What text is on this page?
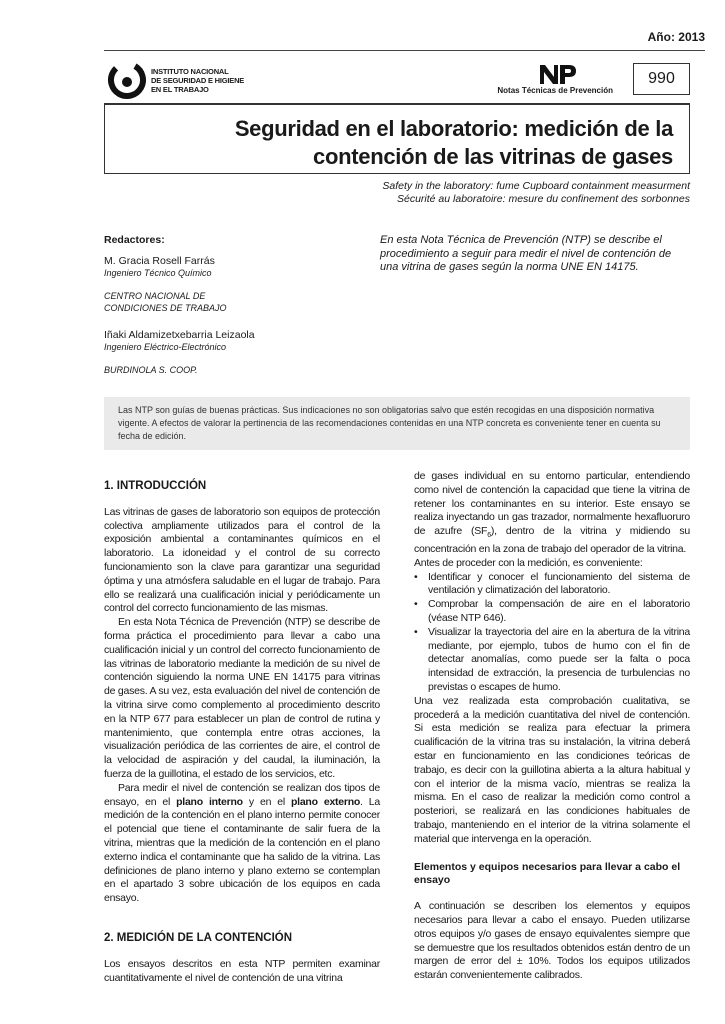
Año: 2013
INSTITUTO NACIONAL
DE SEGURIDAD E HIGIENE
EN EL TRABAJO	Notas Técnicas de Prevención
990
Seguridad en el laboratorio: medición de la
contención de las vitrinas de gases
Safety in the laboratory: fume Cupboard containment measurment
Sécurité au laboratoire: mesure du confinement des sorbonnes
Redactores:
M. Gracia Rosell Farrás
Ingeniero Técnico Químico
CENTRO NACIONAL DE
CONDICIONES DE TRABAJO
Iñaki Aldamizetxebarria Leizaola
Ingeniero Eléctrico-Electrónico
BURDINOLA S. COOP.
En esta Nota Técnica de Prevención (NTP) se describe el procedimiento a seguir para medir el nivel de contención de una vitrina de gases según la norma UNE EN 14175.
Las NTP son guías de buenas prácticas. Sus indicaciones no son obligatorias salvo que estén recogidas en una disposición normativa vigente. A efectos de valorar la pertinencia de las recomendaciones contenidas en una NTP concreta es conveniente tener en cuenta su fecha de edición.
1. INTRODUCCIÓN

Las vitrinas de gases de laboratorio son equipos de protección colectiva ampliamente utilizados para el control de la exposición ambiental a contaminantes químicos en el laboratorio. La idoneidad y el control de su correcto funcionamiento son la clave para garantizar una seguridad óptima y una atmósfera saludable en el lugar de trabajo. Para ello se realizará una cualificación inicial y periódicamente un control del correcto funcionamiento de las mismas.

En esta Nota Técnica de Prevención (NTP) se describe de forma práctica el procedimiento para llevar a cabo una cualificación inicial y un control del correcto funcionamiento de las vitrinas de laboratorio mediante la medición de su nivel de contención siguiendo la norma UNE EN 14175 para vitrinas de gases. A su vez, esta evaluación del nivel de contención de la vitrina sirve como complemento al procedimiento descrito en la NTP 677 para establecer un plan de control de rutina y mantenimiento, que contempla entre otras acciones, la visualización periódica de las corrientes de aire, el control de la velocidad de aspiración y del caudal, la iluminación, la fuerza de la guillotina, el estado de los servicios, etc.

Para medir el nivel de contención se realizan dos tipos de ensayo, en el plano interno y en el plano externo. La medición de la contención en el plano interno permite conocer el potencial que tiene el contaminante de salir fuera de la vitrina, mientras que la medición de la contención en el plano externo indica el contaminante que ha salido de la vitrina. Las definiciones de plano interno y plano externo se contemplan en el apartado 3 sobre ubicación de los equipos en cada ensayo.

2. MEDICIÓN DE LA CONTENCIÓN

Los ensayos descritos en esta NTP permiten examinar cuantitativamente el nivel de contención de una vitrina

de gases individual en su entorno particular, entendiendo como nivel de contención la capacidad que tiene la vitrina de retener los contaminantes en su interior. Este ensayo se realiza inyectando un gas trazador, normalmente hexafluoruro de azufre $(SF_6)$, dentro de la vitrina y midiendo su concentración en la zona de trabajo del operador de la vitrina.

Antes de proceder con la medición, es conveniente:

• Identificar y conocer el funcionamiento del sistema de ventilación y climatización del laboratorio.
• Comprobar la compensación de aire en el laboratorio (véase NTP 646).
• Visualizar la trayectoria del aire en la abertura de la vitrina mediante, por ejemplo, tubos de humo con el fin de detectar anomalías, como puede ser la falta o poca intensidad de extracción, la presencia de turbulencias no previstas o escapes de humo.

Una vez realizada esta comprobación cualitativa, se procederá a la medición cuantitativa del nivel de contención. Si esta medición se realiza para efectuar la primera cualificación de la vitrina tras su instalación, la vitrina deberá estar en funcionamiento en las condiciones teóricas de trabajo, es decir con la guillotina abierta a la altura habitual y con el interior de la misma vacío, mientras se realiza la misma. En el caso de realizar la medición como control a posteriori, se realizará en las condiciones habituales de trabajo, manteniendo en el interior de la vitrina solamente el material que intervenga en la operación.

Elementos y equipos necesarios para llevar a cabo el ensayo

A continuación se describen los elementos y equipos necesarios para llevar a cabo el ensayo. Pueden utilizarse otros equipos y/o gases de ensayo equivalentes siempre que se demuestre que los resultados obtenidos están dentro de un margen de error del ± 10%. Todos los equipos utilizados estarán convenientemente calibrados.
